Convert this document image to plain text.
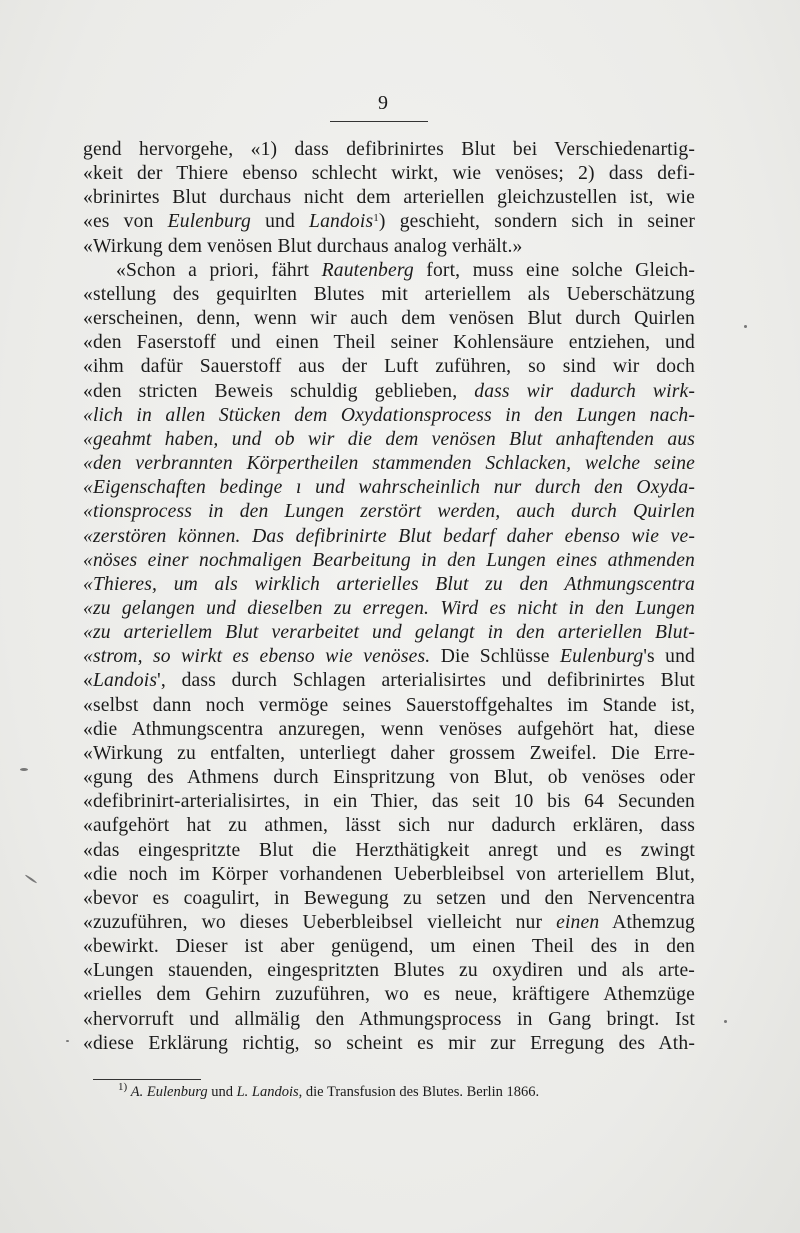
9
gend hervorgehe, «1) dass defibrinirtes Blut bei Verschiedenartig-
«keit der Thiere ebenso schlecht wirkt, wie venöses; 2) dass defi-
«brinirtes Blut durchaus nicht dem arteriellen gleichzustellen ist, wie
«es von Eulenburg und Landois$^1$) geschieht, sondern sich in seiner
«Wirkung dem venösen Blut durchaus analog verhält.»
«Schon a priori, fährt Rautenberg fort, muss eine solche Gleich-
«stellung des gequirlten Blutes mit arteriellem als Ueberschätzung
«erscheinen, denn, wenn wir auch dem venösen Blut durch Quirlen
«den Faserstoff und einen Theil seiner Kohlensäure entziehen, und
«ihm dafür Sauerstoff aus der Luft zuführen, so sind wir doch
«den stricten Beweis schuldig geblieben, dass wir dadurch wirk-
«lich in allen Stücken dem Oxydationsprocess in den Lungen nach-
«geahmt haben, und ob wir die dem venösen Blut anhaftenden aus
«den verbrannten Körpertheilen stammenden Schlacken, welche seine
«Eigenschaften bedinge ı und wahrscheinlich nur durch den Oxyda-
«tionsprocess in den Lungen zerstört werden, auch durch Quirlen
«zerstören können. Das defibrinirte Blut bedarf daher ebenso wie ve-
«nöses einer nochmaligen Bearbeitung in den Lungen eines athmenden
«Thieres, um als wirklich arterielles Blut zu den Athmungscentra
«zu gelangen und dieselben zu erregen. Wird es nicht in den Lungen
«zu arteriellem Blut verarbeitet und gelangt in den arteriellen Blut-
«strom, so wirkt es ebenso wie venöses. Die Schlüsse Eulenburg's und
«Landois', dass durch Schlagen arterialisirtes und defibrinirtes Blut
«selbst dann noch vermöge seines Sauerstoffgehaltes im Stande ist,
«die Athmungscentra anzuregen, wenn venöses aufgehört hat, diese
«Wirkung zu entfalten, unterliegt daher grossem Zweifel. Die Erre-
«gung des Athmens durch Einspritzung von Blut, ob venöses oder
«defibrinirt-arterialisirtes, in ein Thier, das seit 10 bis 64 Secunden
«aufgehört hat zu athmen, lässt sich nur dadurch erklären, dass
«das eingespritzte Blut die Herzthätigkeit anregt und es zwingt
«die noch im Körper vorhandenen Ueberbleibsel von arteriellem Blut,
«bevor es coagulirt, in Bewegung zu setzen und den Nervencentra
«zuzuführen, wo dieses Ueberbleibsel vielleicht nur einen Athemzug
«bewirkt. Dieser ist aber genügend, um einen Theil des in den
«Lungen stauenden, eingespritzten Blutes zu oxydiren und als arte-
«rielles dem Gehirn zuzuführen, wo es neue, kräftigere Athemzüge
«hervorruft und allmälig den Athmungsprocess in Gang bringt. Ist
«diese Erklärung richtig, so scheint es mir zur Erregung des Ath-
$^{1)}$ A. Eulenburg und L. Landois, die Transfusion des Blutes. Berlin 1866.
